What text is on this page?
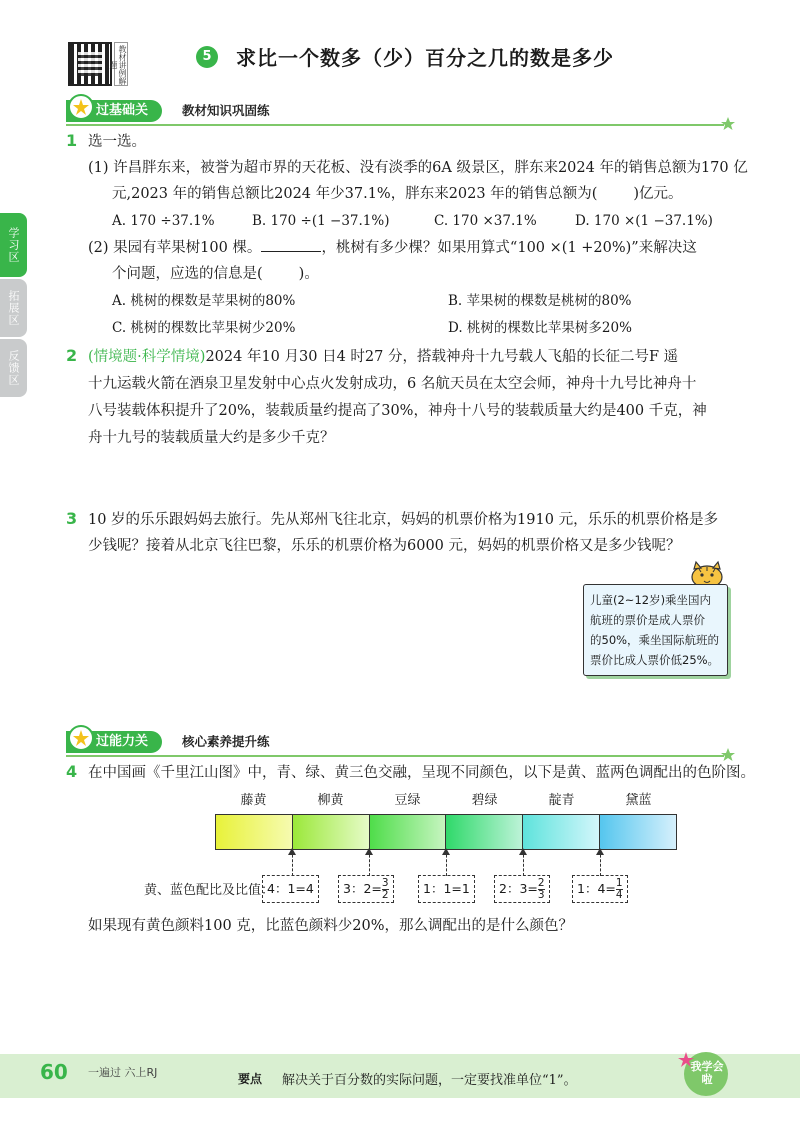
教材讲例解题
5	求比一个数多（少）百分之几的数是多少
学习区
拓展区
反馈区
过基础关	教材知识巩固练
1 选一选。
(1) 许昌胖东来，被誉为超市界的天花板、没有淡季的6A 级景区，胖东来2024 年的销售总额为170 亿
元,2023 年的销售总额比2024 年少37.1%，胖东来2023 年的销售总额为( )亿元。
A. 170 ÷37.1%	B. 170 ÷(1 −37.1%)	C. 170 ×37.1%	D. 170 ×(1 −37.1%)
(2) 果园有苹果树100 棵。	，桃树有多少棵？如果用算式“100 ×(1 +20%)”来解决这
个问题，应选的信息是( )。
A. 桃树的棵数是苹果树的80%	B. 苹果树的棵数是桃树的80%
C. 桃树的棵数比苹果树少20%	D. 桃树的棵数比苹果树多20%
2 (情境题·科学情境)2024 年10 月30 日4 时27 分，搭载神舟十九号载人飞船的长征二号F 遥
十九运载火箭在酒泉卫星发射中心点火发射成功，6 名航天员在太空会师，神舟十九号比神舟十
八号装载体积提升了20%，装载质量约提高了30%，神舟十八号的装载质量大约是400 千克，神
舟十九号的装载质量大约是多少千克？
3 10 岁的乐乐跟妈妈去旅行。先从郑州飞往北京，妈妈的机票价格为1910 元，乐乐的机票价格是多
少钱呢？接着从北京飞往巴黎，乐乐的机票价格为6000 元，妈妈的机票价格又是多少钱呢？
儿童(2~12岁)乘坐国内
航班的票价是成人票价
的50%，乘坐国际航班的
票价比成人票价低25%。
过能力关	核心素养提升练
4 在中国画《千里江山图》中，青、绿、黄三色交融，呈现不同颜色，以下是黄、蓝两色调配出的色阶图。
藤黄	柳黄	豆绿	碧绿	靛青	黛蓝
黄、蓝色配比及比值：
4：1=4	3：$2= \frac{3}{2}$	1：1=1	2：$3= \frac{2}{3}$	1：$4= \frac{1}{4}$
如果现有黄色颜料100 克，比蓝色颜料少20%，那么调配出的是什么颜色？
60 一遍过 六上RJ	要点 解决关于百分数的实际问题，一定要找准单位“1”。
我学会啦
